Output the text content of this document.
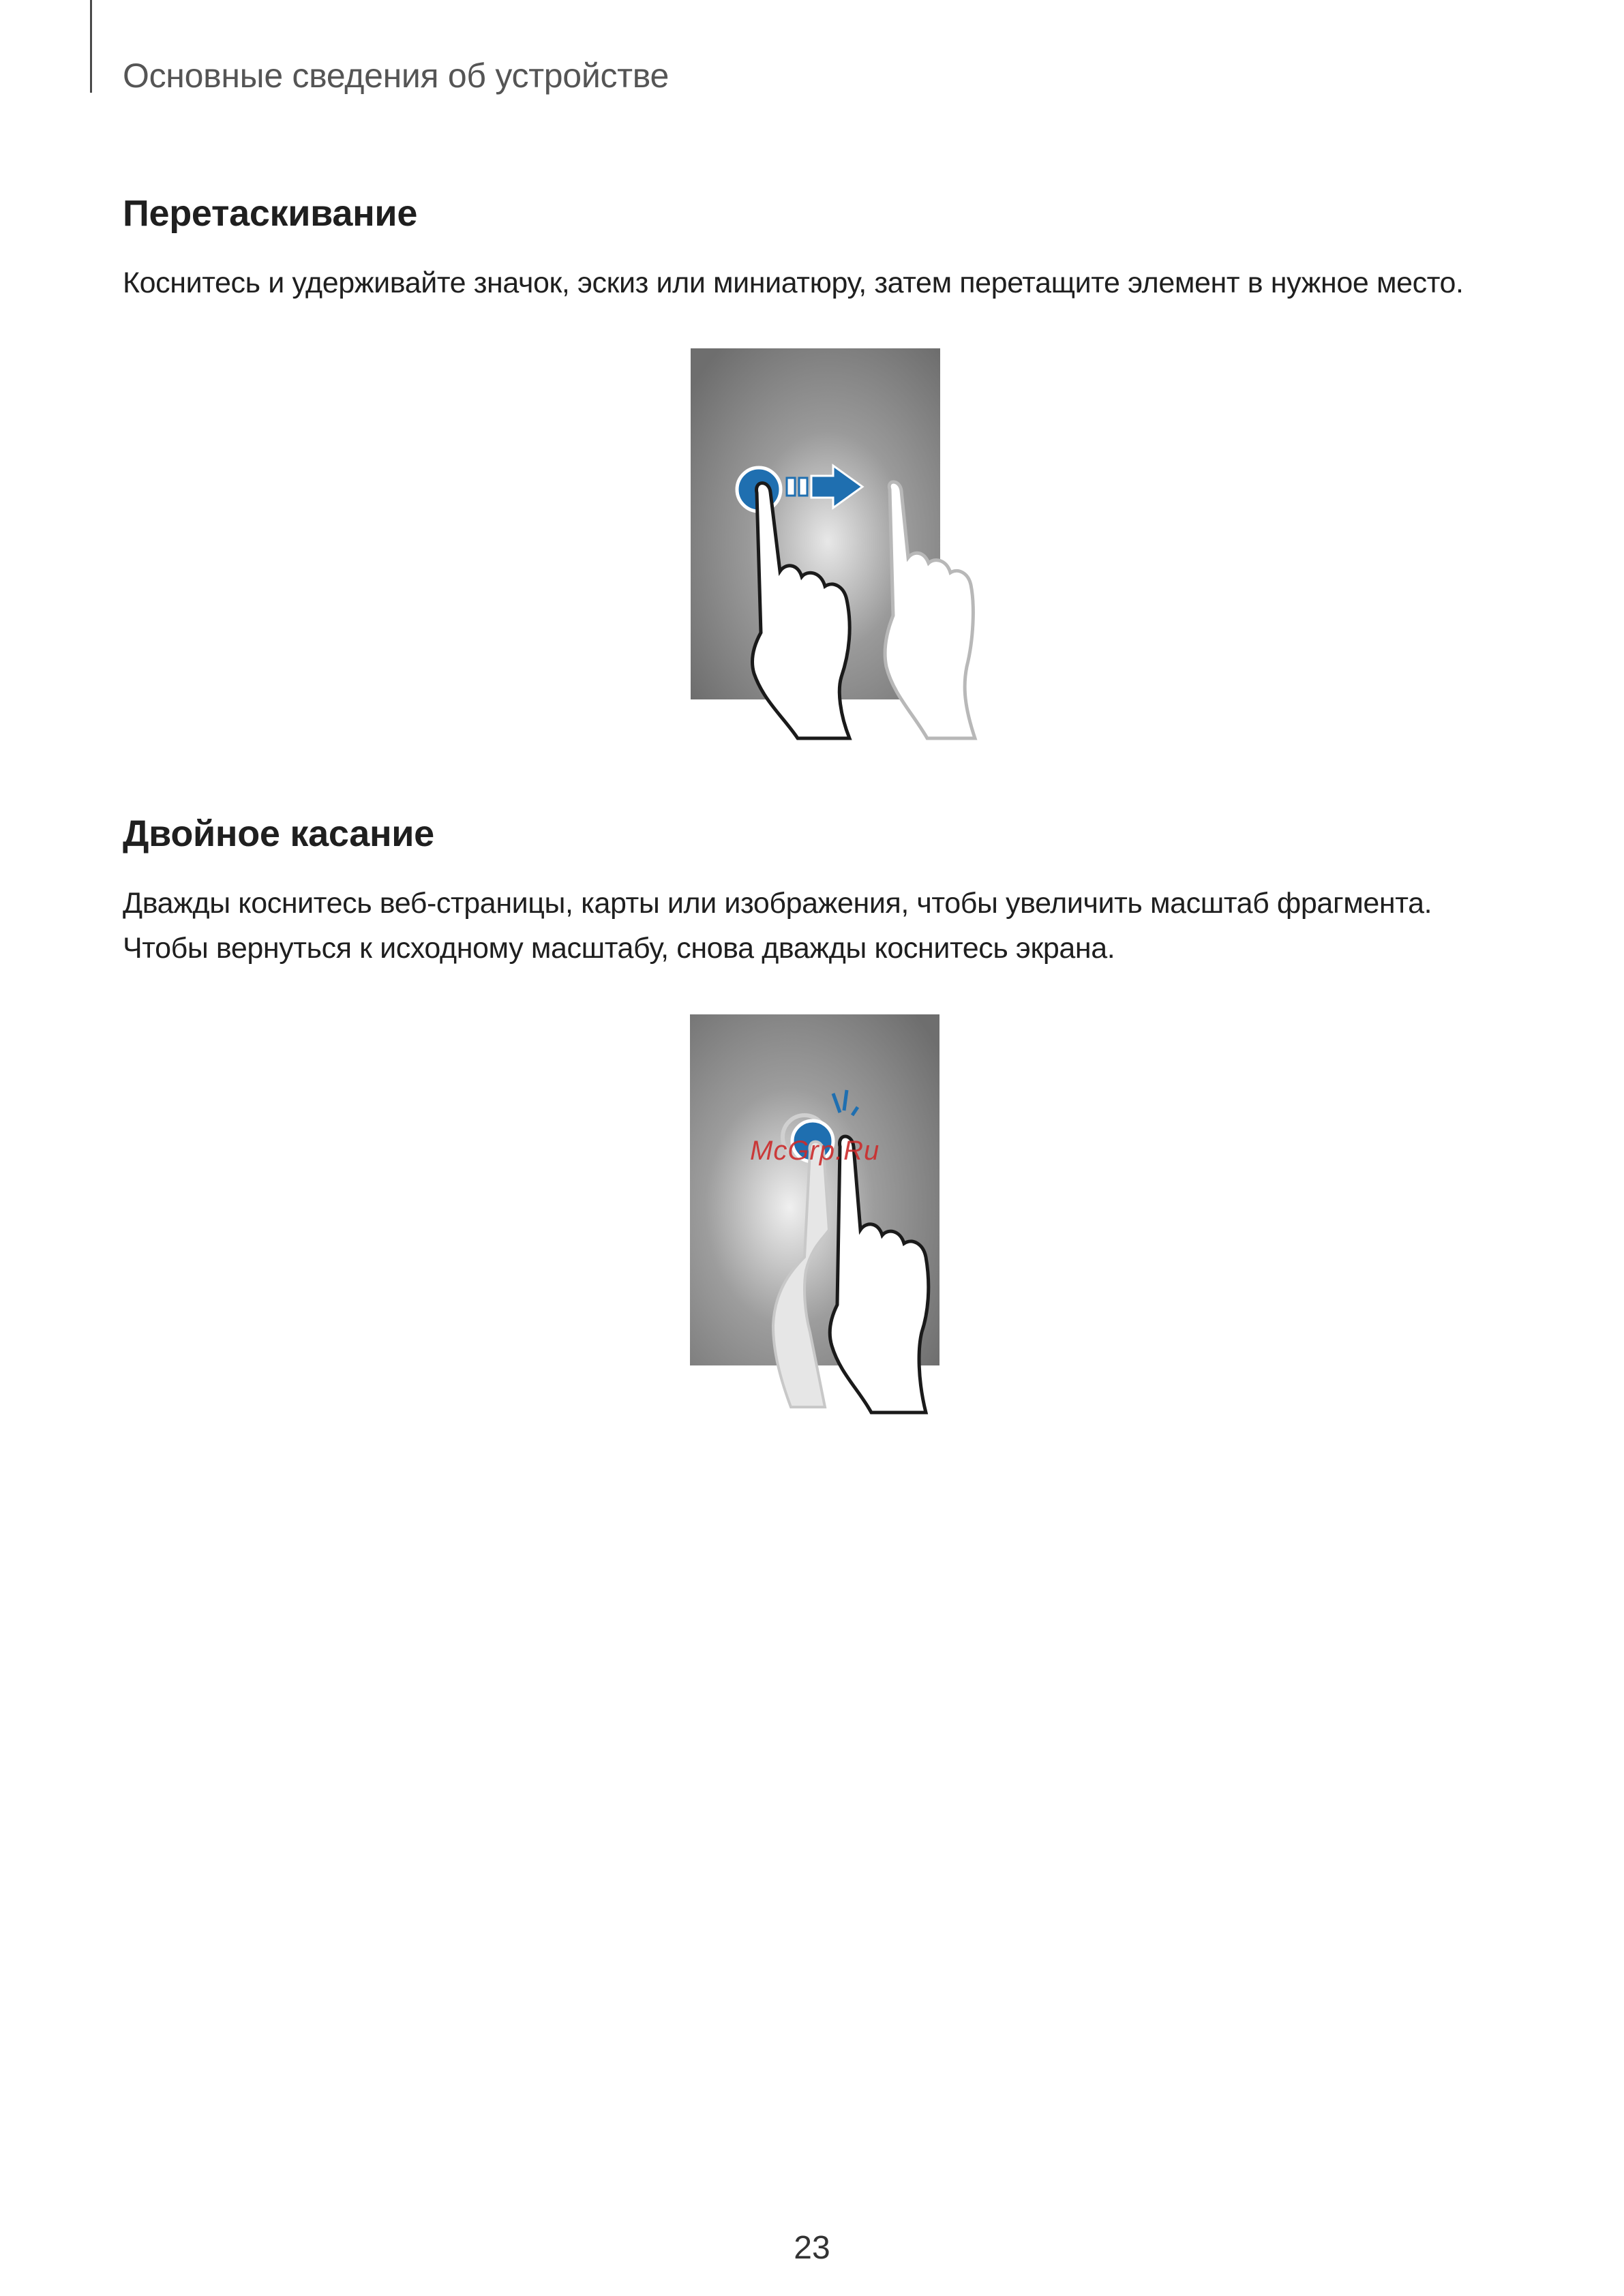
Основные сведения об устройстве
Перетаскивание
Коснитесь и удерживайте значок, эскиз или миниатюру, затем перетащите элемент в нужное место.
Двойное касание
Дважды коснитесь веб-страницы, карты или изображения, чтобы увеличить масштаб фрагмента.
Чтобы вернуться к исходному масштабу, снова дважды коснитесь экрана.
McGrp.Ru
23
